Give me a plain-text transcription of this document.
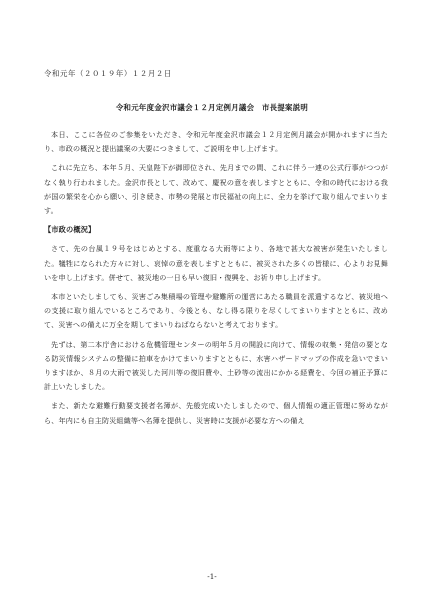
令和元年（２０１９年）１２月２日
令和元年度金沢市議会１２月定例月議会　市長提案説明

本日、ここに各位のご参集をいただき、令和元年度金沢市議会１２月定例月議会が開かれますに当たり、市政の概況と提出議案の大要につきまして、ご説明を申し上げます。

これに先立ち、本年５月、天皇陛下が御即位され、先月までの間、これに伴う一連の公式行事がつつがなく執り行われました。金沢市長として、改めて、慶祝の意を表しますとともに、令和の時代における我が国の繁栄を心から願い、引き続き、市勢の発展と市民福祉の向上に、全力を挙げて取り組んでまいります。

【市政の概況】

さて、先の台風１９号をはじめとする、度重なる大雨等により、各地で甚大な被害が発生いたしました。犠牲になられた方々に対し、哀悼の意を表しますとともに、被災された多くの皆様に、心よりお見舞いを申し上げます。併せて、被災地の一日も早い復旧・復興を、お祈り申し上げます。

本市といたしましても、災害ごみ集積場の管理や避難所の運営にあたる職員を派遣するなど、被災地への支援に取り組んでいるところであり、今後とも、なし得る限りを尽くしてまいりますとともに、改めて、災害への備えに万全を期してまいりねばならないと考えております。

先ずは、第二本庁舎における危機管理センターの明年５月の開設に向けて、情報の収集・発信の要となる防災情報システムの整備に拍車をかけてまいりますとともに、水害ハザードマップの作成を急いでまいりますほか、８月の大雨で被災した河川等の復旧費や、土砂等の流出にかかる経費を、今回の補正予算に計上いたしました。

また、新たな避難行動要支援者名簿が、先般完成いたしましたので、個人情報の適正管理に努めながら、年内にも自主防災組織等へ名簿を提供し、災害時に支援が必要な方への備え

-1-
